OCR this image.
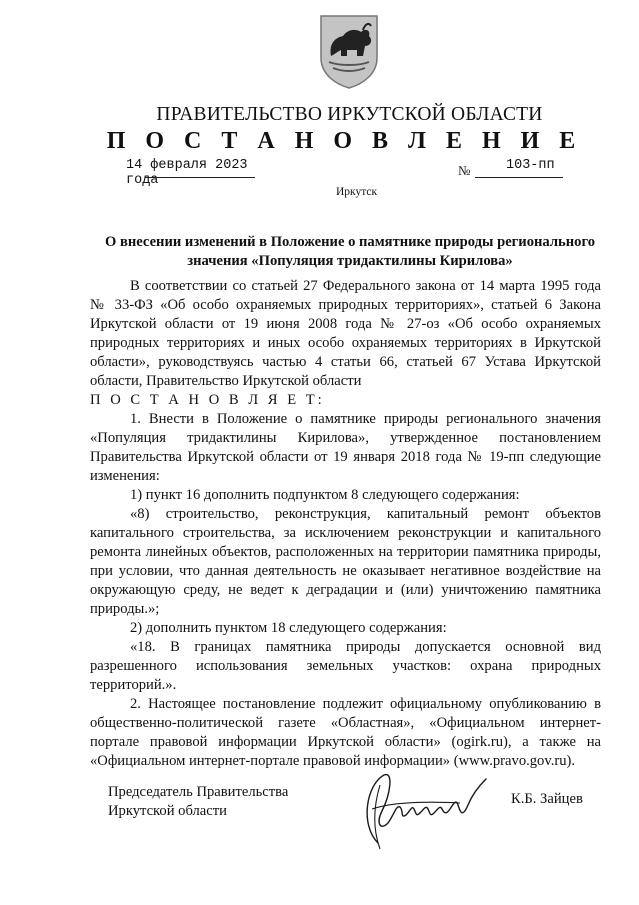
ПРАВИТЕЛЬСТВО ИРКУТСКОЙ ОБЛАСТИ
П О С Т А Н О В Л Е Н И Е
14 февраля 2023 года
№	103-пп
Иркутск
О внесении изменений в Положение о памятнике природы регионального значения «Популяция тридактилины Кирилова»

В соответствии со статьей 27 Федерального закона от 14 марта 1995 года № 33-ФЗ «Об особо охраняемых природных территориях», статьей 6 Закона Иркутской области от 19 июня 2008 года № 27-оз «Об особо охраняемых природных территориях и иных особо охраняемых территориях в Иркутской области», руководствуясь частью 4 статьи 66, статьей 67 Устава Иркутской области, Правительство Иркутской области

П О С Т А Н О В Л Я Е Т:

1. Внести в Положение о памятнике природы регионального значения «Популяция тридактилины Кирилова», утвержденное постановлением Правительства Иркутской области от 19 января 2018 года № 19-пп следующие изменения:

1) пункт 16 дополнить подпунктом 8 следующего содержания:

«8) строительство, реконструкция, капитальный ремонт объектов капитального строительства, за исключением реконструкции и капитального ремонта линейных объектов, расположенных на территории памятника природы, при условии, что данная деятельность не оказывает негативное воздействие на окружающую среду, не ведет к деградации и (или) уничтожению памятника природы.»;

2) дополнить пунктом 18 следующего содержания:

«18. В границах памятника природы допускается основной вид разрешенного использования земельных участков: охрана природных территорий.».

2. Настоящее постановление подлежит официальному опубликованию в общественно-политической газете «Областная», «Официальном интернет-портале правовой информации Иркутской области» (ogirk.ru), а также на «Официальном интернет-портале правовой информации» (www.pravo.gov.ru).

Председатель Правительства
Иркутской области
К.Б. Зайцев
